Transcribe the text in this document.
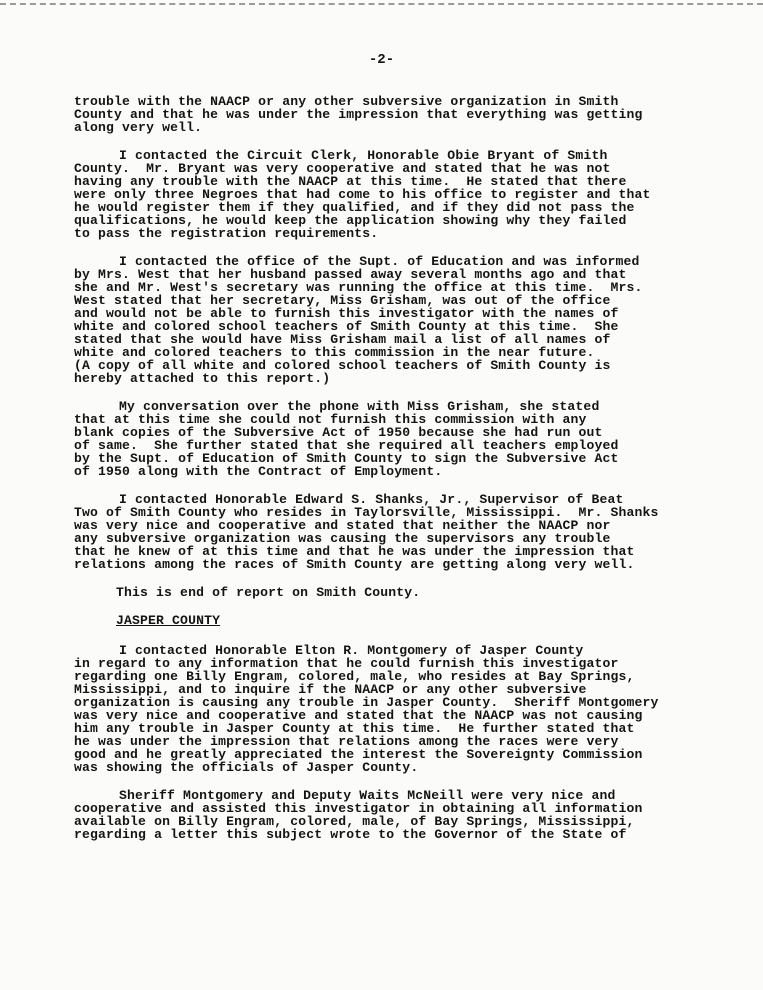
-2-
trouble with the NAACP or any other subversive organization in Smith
County and that he was under the impression that everything was getting
along very well.
I contacted the Circuit Clerk, Honorable Obie Bryant of Smith
County.  Mr. Bryant was very cooperative and stated that he was not
having any trouble with the NAACP at this time.  He stated that there
were only three Negroes that had come to his office to register and that
he would register them if they qualified, and if they did not pass the
qualifications, he would keep the application showing why they failed
to pass the registration requirements.
I contacted the office of the Supt. of Education and was informed
by Mrs. West that her husband passed away several months ago and that
she and Mr. West's secretary was running the office at this time.  Mrs.
West stated that her secretary, Miss Grisham, was out of the office
and would not be able to furnish this investigator with the names of
white and colored school teachers of Smith County at this time.  She
stated that she would have Miss Grisham mail a list of all names of
white and colored teachers to this commission in the near future.
(A copy of all white and colored school teachers of Smith County is
hereby attached to this report.)
My conversation over the phone with Miss Grisham, she stated
that at this time she could not furnish this commission with any
blank copies of the Subversive Act of 1950 because she had run out
of same.  She further stated that she required all teachers employed
by the Supt. of Education of Smith County to sign the Subversive Act
of 1950 along with the Contract of Employment.
I contacted Honorable Edward S. Shanks, Jr., Supervisor of Beat
Two of Smith County who resides in Taylorsville, Mississippi.  Mr. Shanks
was very nice and cooperative and stated that neither the NAACP nor
any subversive organization was causing the supervisors any trouble
that he knew of at this time and that he was under the impression that
relations among the races of Smith County are getting along very well.
This is end of report on Smith County.
JASPER COUNTY
I contacted Honorable Elton R. Montgomery of Jasper County
in regard to any information that he could furnish this investigator
regarding one Billy Engram, colored, male, who resides at Bay Springs,
Mississippi, and to inquire if the NAACP or any other subversive
organization is causing any trouble in Jasper County.  Sheriff Montgomery
was very nice and cooperative and stated that the NAACP was not causing
him any trouble in Jasper County at this time.  He further stated that
he was under the impression that relations among the races were very
good and he greatly appreciated the interest the Sovereignty Commission
was showing the officials of Jasper County.
Sheriff Montgomery and Deputy Waits McNeill were very nice and
cooperative and assisted this investigator in obtaining all information
available on Billy Engram, colored, male, of Bay Springs, Mississippi,
regarding a letter this subject wrote to the Governor of the State of
